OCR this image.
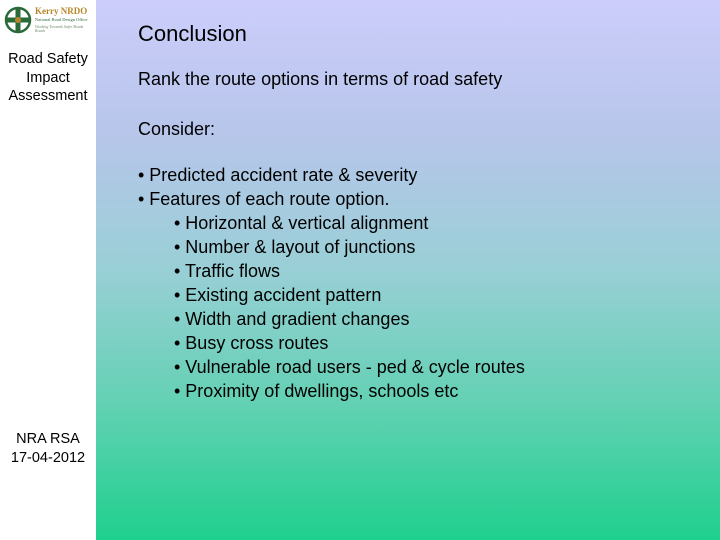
Kerry NRDO
National Road Design Office
Working Towards Safer Roads Roads
Road Safety
Impact
Assessment
NRA RSA
17-04-2012
Conclusion
Rank the route options in terms of road safety
Consider:
• Predicted accident rate & severity
• Features of each route option.
• Horizontal & vertical alignment
• Number & layout of junctions
• Traffic flows
• Existing accident pattern
• Width and gradient changes
• Busy cross routes
• Vulnerable road users - ped & cycle routes
• Proximity of dwellings, schools etc
